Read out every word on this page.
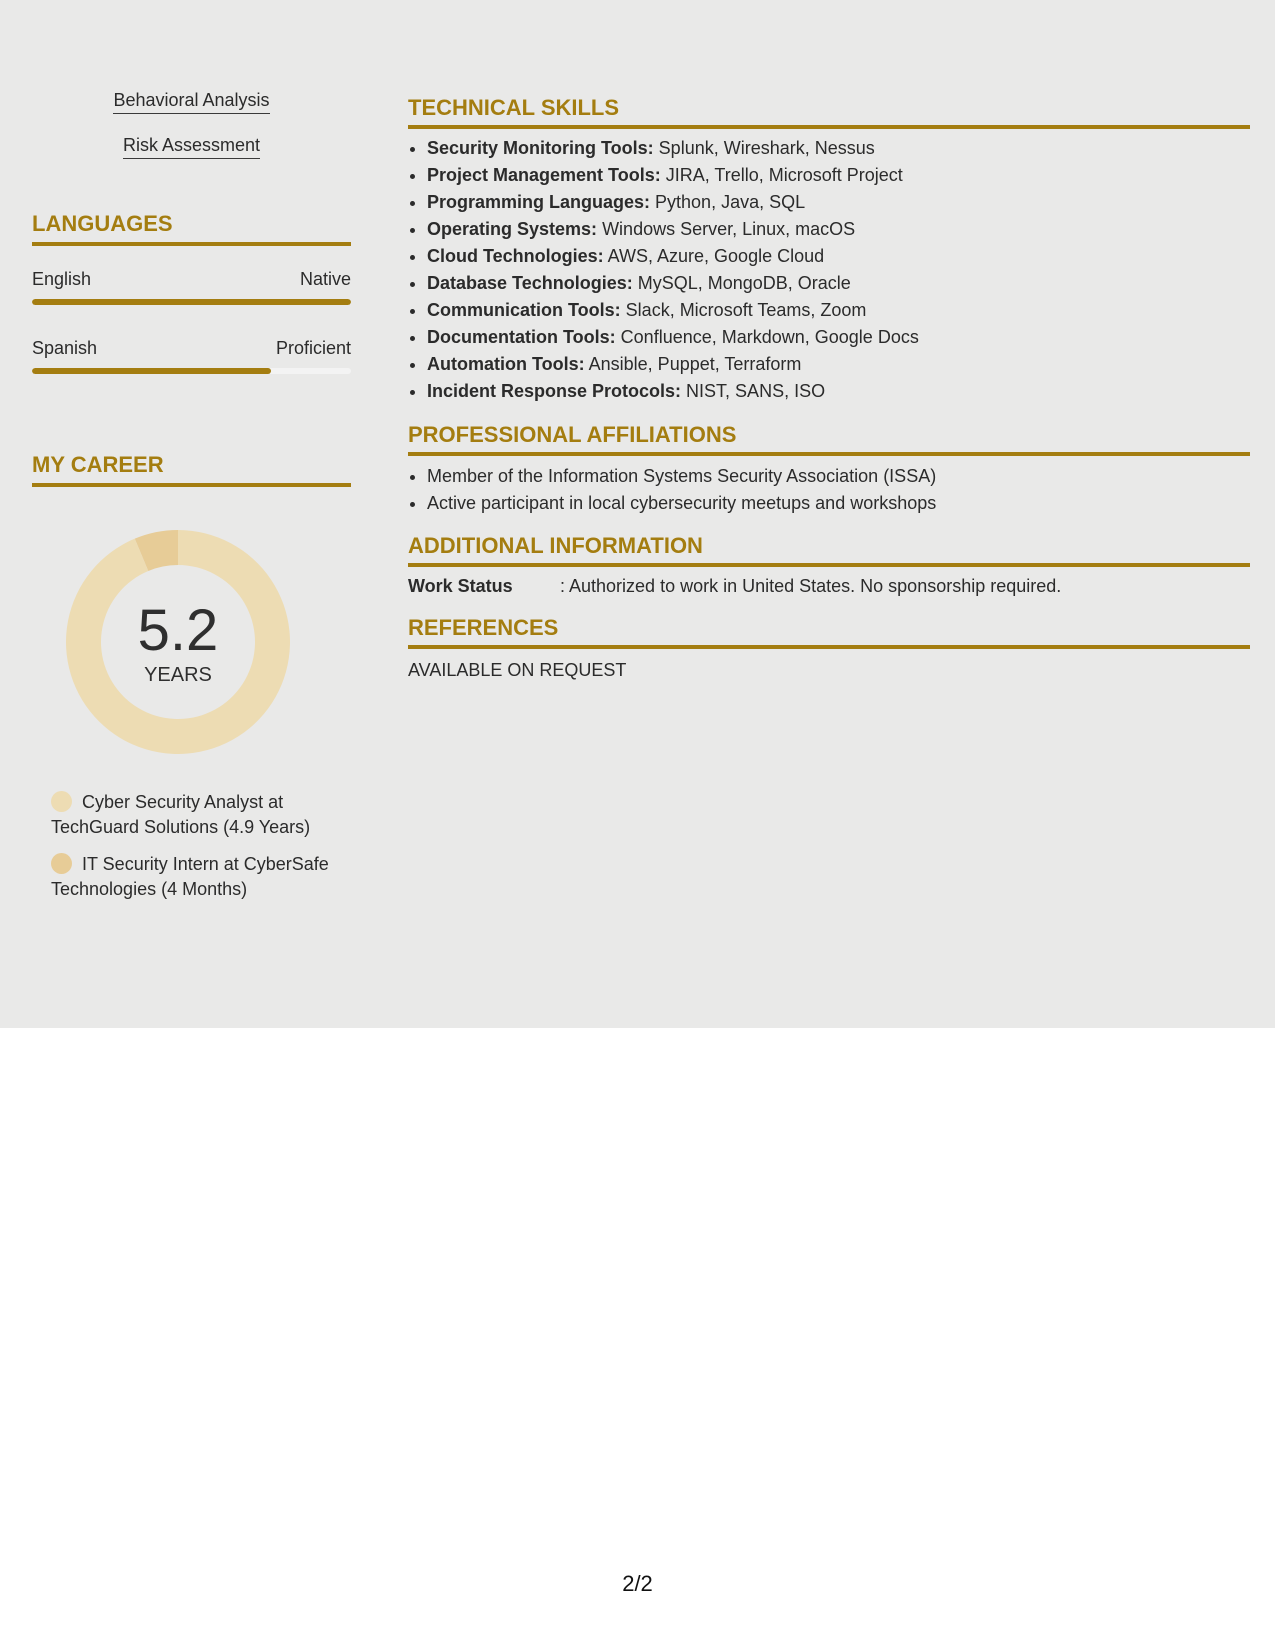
Behavioral Analysis
Risk Assessment
LANGUAGES
English	Native
Spanish	Proficient
MY CAREER
5.2
YEARS
Cyber Security Analyst at TechGuard Solutions (4.9 Years)
IT Security Intern at CyberSafe Technologies (4 Months)
TECHNICAL SKILLS
• Security Monitoring Tools: Splunk, Wireshark, Nessus
• Project Management Tools: JIRA, Trello, Microsoft Project
• Programming Languages: Python, Java, SQL
• Operating Systems: Windows Server, Linux, macOS
• Cloud Technologies: AWS, Azure, Google Cloud
• Database Technologies: MySQL, MongoDB, Oracle
• Communication Tools: Slack, Microsoft Teams, Zoom
• Documentation Tools: Confluence, Markdown, Google Docs
• Automation Tools: Ansible, Puppet, Terraform
• Incident Response Protocols: NIST, SANS, ISO
PROFESSIONAL AFFILIATIONS
• Member of the Information Systems Security Association (ISSA)
• Active participant in local cybersecurity meetups and workshops
ADDITIONAL INFORMATION
Work Status	: Authorized to work in United States. No sponsorship required.
REFERENCES
AVAILABLE ON REQUEST
2/2
